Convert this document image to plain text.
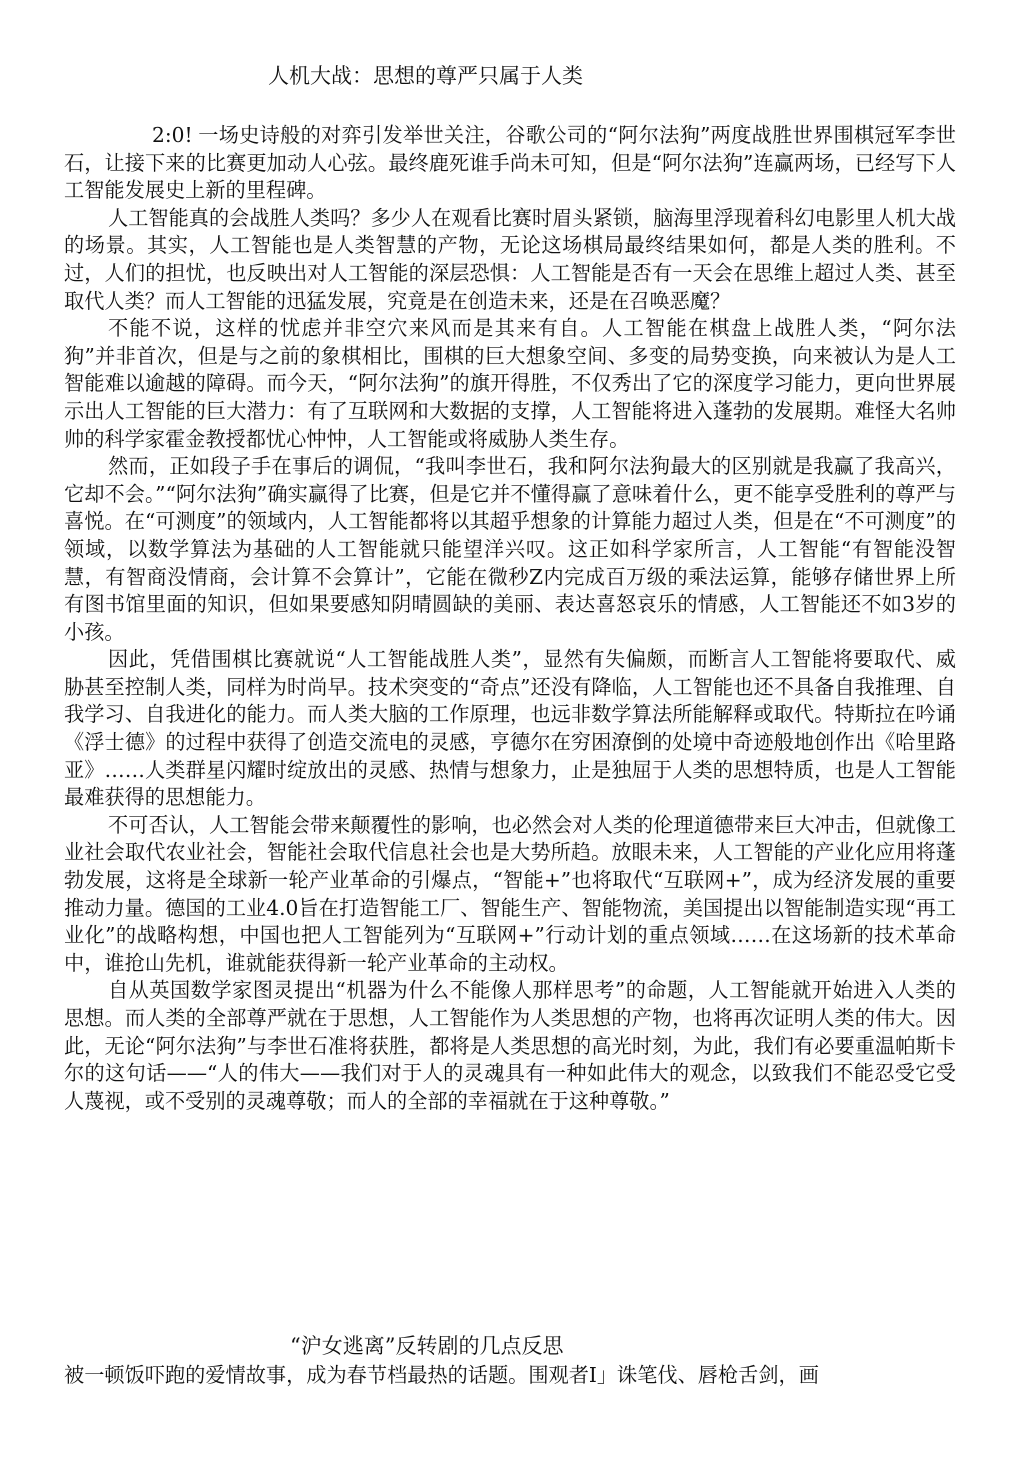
人机大战：思想的尊严只属于人类

2:0! 一场史诗般的对弈引发举世关注，谷歌公司的“阿尔法狗”两度战胜世界围棋冠军李世石，让接下来的比赛更加动人心弦。最终鹿死谁手尚未可知，但是“阿尔法狗”连赢两场，已经写下人工智能发展史上新的里程碑。

人工智能真的会战胜人类吗？多少人在观看比赛时眉头紧锁，脑海里浮现着科幻电影里人机大战的场景。其实，人工智能也是人类智慧的产物，无论这场棋局最终结果如何，都是人类的胜利。不过，人们的担忧，也反映出对人工智能的深层恐惧：人工智能是否有一天会在思维上超过人类、甚至取代人类？而人工智能的迅猛发展，究竟是在创造未来，还是在召唤恶魔？

不能不说，这样的忧虑并非空穴来风而是其来有自。人工智能在棋盘上战胜人类，“阿尔法狗”并非首次，但是与之前的象棋相比，围棋的巨大想象空间、多变的局势变换，向来被认为是人工智能难以逾越的障碍。而今天，“阿尔法狗”的旗开得胜，不仅秀出了它的深度学习能力，更向世界展示出人工智能的巨大潜力：有了互联网和大数据的支撑，人工智能将进入蓬勃的发展期。难怪大名帅帅的科学家霍金教授都忧心忡忡，人工智能或将威胁人类生存。

然而，正如段子手在事后的调侃，“我叫李世石，我和阿尔法狗最大的区别就是我赢了我高兴，它却不会。”“阿尔法狗”确实赢得了比赛，但是它并不懂得赢了意味着什么，更不能享受胜利的尊严与喜悦。在“可测度”的领域内，人工智能都将以其超乎想象的计算能力超过人类，但是在“不可测度”的领域，以数学算法为基础的人工智能就只能望洋兴叹。这正如科学家所言，人工智能“有智能没智慧，有智商没情商，会计算不会算计”，它能在微秒Z内完成百万级的乘法运算，能够存储世界上所有图书馆里面的知识，但如果要感知阴晴圆缺的美丽、表达喜怒哀乐的情感，人工智能还不如3岁的小孩。

因此，凭借围棋比赛就说“人工智能战胜人类”，显然有失偏颇，而断言人工智能将要取代、威胁甚至控制人类，同样为时尚早。技术突变的“奇点”还没有降临，人工智能也还不具备自我推理、自我学习、自我进化的能力。而人类大脑的工作原理，也远非数学算法所能解释或取代。特斯拉在吟诵《浮士德》的过程中获得了创造交流电的灵感，亨德尔在穷困潦倒的处境中奇迹般地创作出《哈里路亚》……人类群星闪耀时绽放出的灵感、热情与想象力，止是独屈于人类的思想特质，也是人工智能最难获得的思想能力。

不可否认，人工智能会带来颠覆性的影响，也必然会对人类的伦理道德带来巨大冲击，但就像工业社会取代农业社会，智能社会取代信息社会也是大势所趋。放眼未来，人工智能的产业化应用将蓬勃发展，这将是全球新一轮产业革命的引爆点，“智能+”也将取代“互联网+”，成为经济发展的重要推动力量。德国的工业4.0旨在打造智能工厂、智能生产、智能物流，美国提出以智能制造实现“再工业化”的战略构想，中国也把人工智能列为“互联网+”行动计划的重点领域……在这场新的技术革命中，谁抢山先机，谁就能获得新一轮产业革命的主动权。

自从英国数学家图灵提出“机器为什么不能像人那样思考”的命题，人工智能就开始进入人类的思想。而人类的全部尊严就在于思想，人工智能作为人类思想的产物，也将再次证明人类的伟大。因此，无论“阿尔法狗”与李世石准将获胜，都将是人类思想的高光时刻，为此，我们有必要重温帕斯卡尔的这句话——“人的伟大——我们对于人的灵魂具有一种如此伟大的观念，以致我们不能忍受它受人蔑视，或不受别的灵魂尊敬；而人的全部的幸福就在于这种尊敬。”

“沪女逃离”反转剧的几点反思
被一顿饭吓跑的爱情故事，成为春节档最热的话题。围观者I」诛笔伐、唇枪舌剑，画
